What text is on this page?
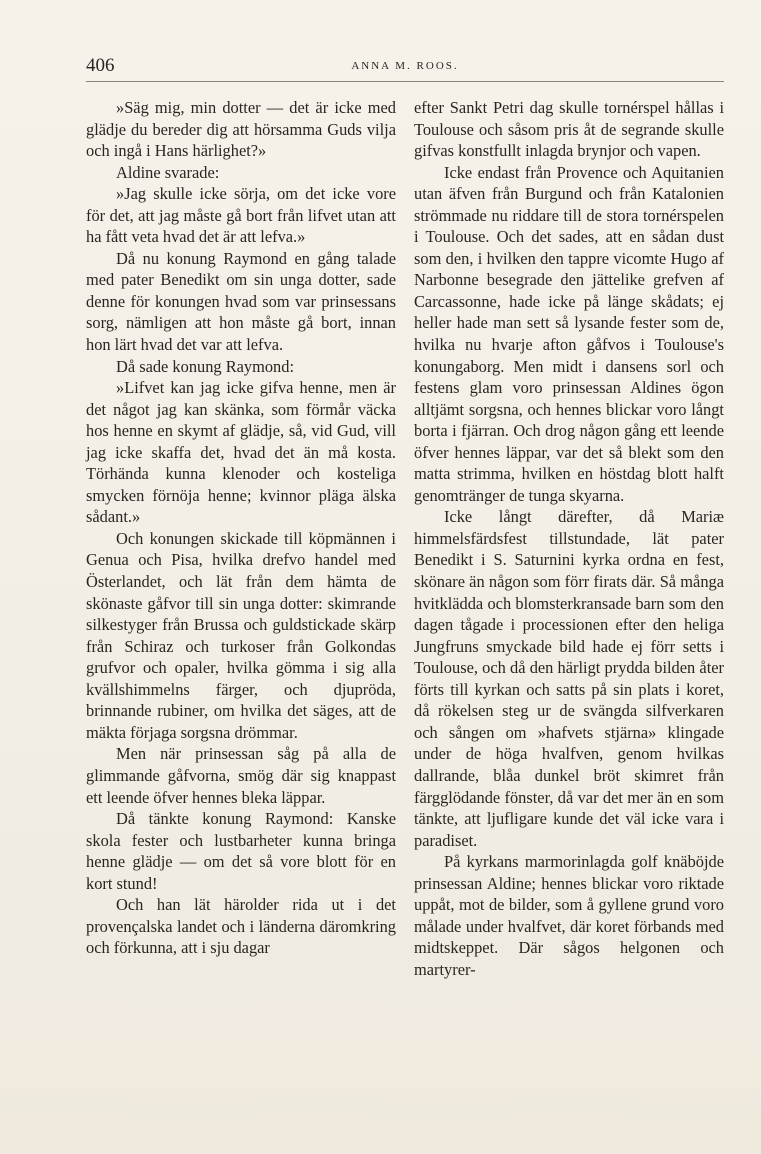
406	ANNA M. ROOS.

»Säg mig, min dotter — det är icke med glädje du bereder dig att hörsamma Guds vilja och ingå i Hans härlighet?»

Aldine svarade:

»Jag skulle icke sörja, om det icke vore för det, att jag måste gå bort från lifvet utan att ha fått veta hvad det är att lefva.»

Då nu konung Raymond en gång talade med pater Benedikt om sin unga dotter, sade denne för konungen hvad som var prinsessans sorg, nämligen att hon måste gå bort, innan hon lärt hvad det var att lefva.

Då sade konung Raymond:

»Lifvet kan jag icke gifva henne, men är det något jag kan skänka, som förmår väcka hos henne en skymt af glädje, så, vid Gud, vill jag icke skaffa det, hvad det än må kosta. Törhända kunna klenoder och kosteliga smycken förnöja henne; kvinnor pläga älska sådant.»

Och konungen skickade till köpmännen i Genua och Pisa, hvilka drefvo handel med Österlandet, och lät från dem hämta de skönaste gåfvor till sin unga dotter: skimrande silkestyger från Brussa och guldstickade skärp från Schiraz och turkoser från Golkondas grufvor och opaler, hvilka gömma i sig alla kvällshimmelns färger, och djupröda, brinnande rubiner, om hvilka det säges, att de mäkta förjaga sorgsna drömmar.

Men när prinsessan såg på alla de glimmande gåfvorna, smög där sig knappast ett leende öfver hennes bleka läppar.

Då tänkte konung Raymond: Kanske skola fester och lustbarheter kunna bringa henne glädje — om det så vore blott för en kort stund!

Och han lät härolder rida ut i det provençalska landet och i länderna däromkring och förkunna, att i sju dagar

efter Sankt Petri dag skulle tornérspel hållas i Toulouse och såsom pris åt de segrande skulle gifvas konstfullt inlagda brynjor och vapen.

Icke endast från Provence och Aquitanien utan äfven från Burgund och från Katalonien strömmade nu riddare till de stora tornérspelen i Toulouse. Och det sades, att en sådan dust som den, i hvilken den tappre vicomte Hugo af Narbonne besegrade den jättelike grefven af Carcassonne, hade icke på länge skådats; ej heller hade man sett så lysande fester som de, hvilka nu hvarje afton gåfvos i Toulouse's konungaborg. Men midt i dansens sorl och festens glam voro prinsessan Aldines ögon alltjämt sorgsna, och hennes blickar voro långt borta i fjärran. Och drog någon gång ett leende öfver hennes läppar, var det så blekt som den matta strimma, hvilken en höstdag blott halft genomtränger de tunga skyarna.

Icke långt därefter, då Mariæ himmelsfärdsfest tillstundade, lät pater Benedikt i S. Saturnini kyrka ordna en fest, skönare än någon som förr firats där. Så många hvitklädda och blomsterkransade barn som den dagen tågade i processionen efter den heliga Jungfruns smyckade bild hade ej förr setts i Toulouse, och då den härligt prydda bilden åter förts till kyrkan och satts på sin plats i koret, då rökelsen steg ur de svängda silfverkaren och sången om »hafvets stjärna» klingade under de höga hvalfven, genom hvilkas dallrande, blåa dunkel bröt skimret från färgglödande fönster, då var det mer än en som tänkte, att ljufligare kunde det väl icke vara i paradiset.

På kyrkans marmorinlagda golf knäböjde prinsessan Aldine; hennes blickar voro riktade uppåt, mot de bilder, som å gyllene grund voro målade under hvalfvet, där koret förbands med midtskeppet. Där sågos helgonen och martyrer-
